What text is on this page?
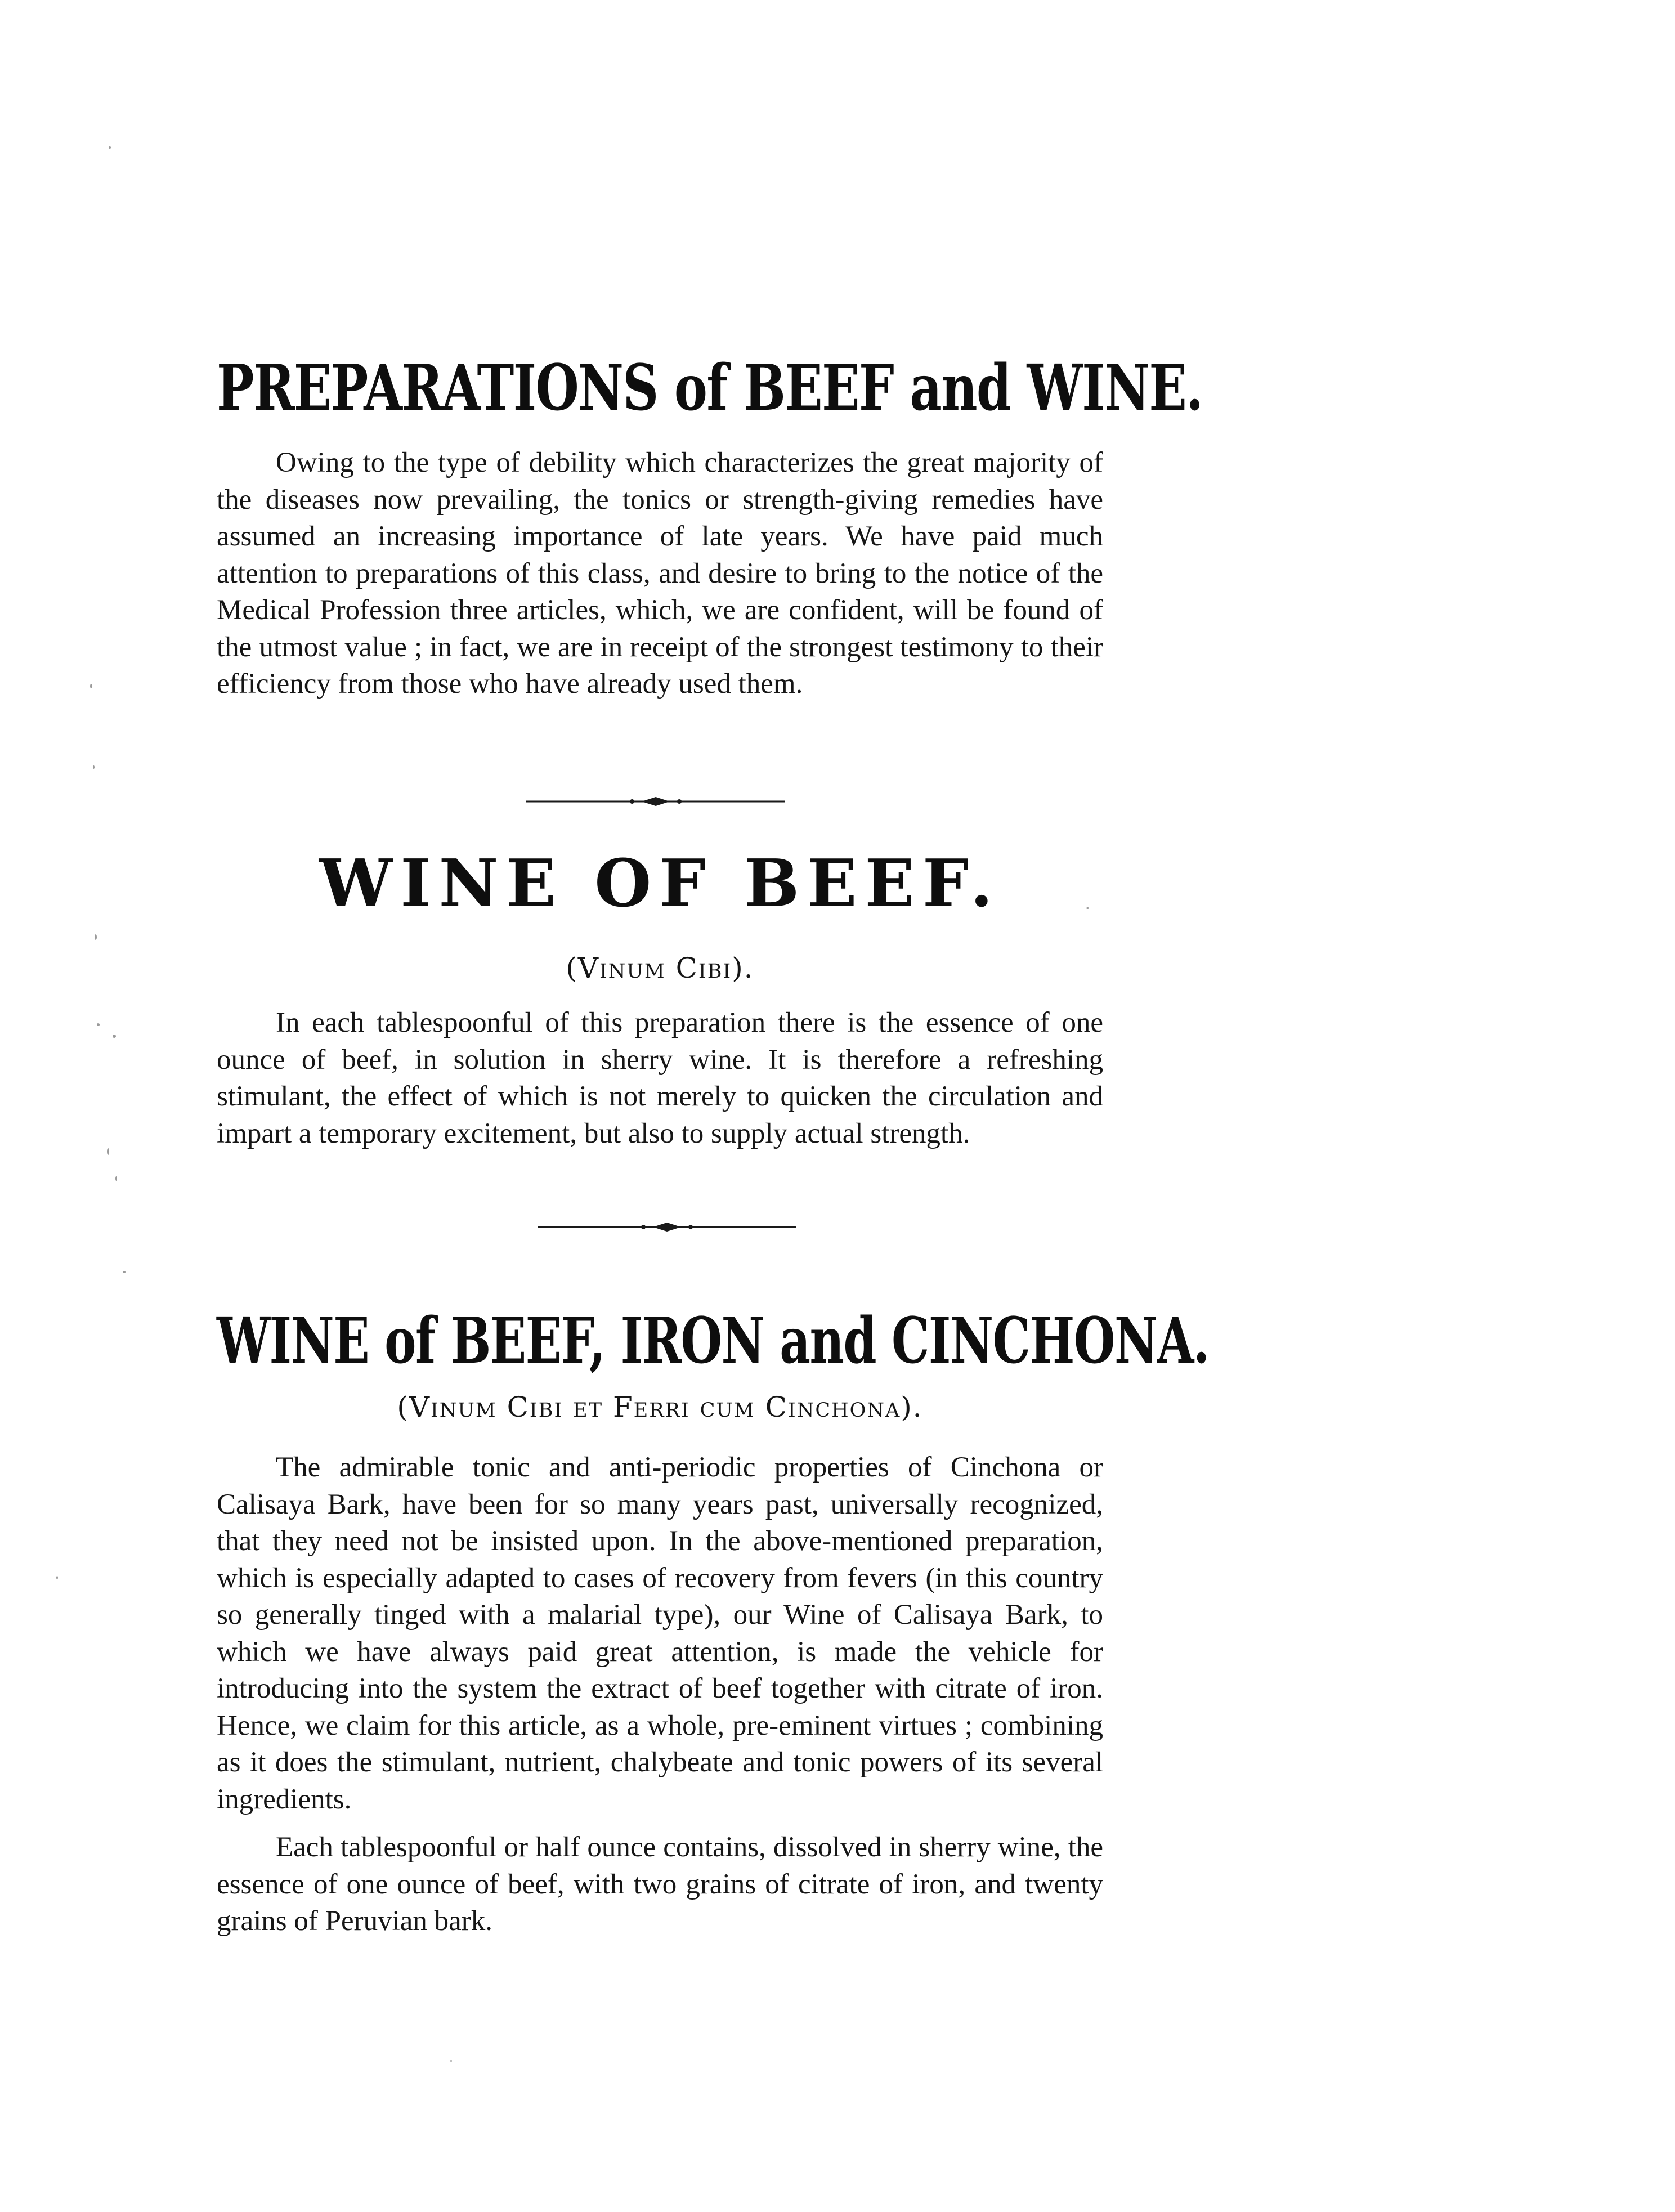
PREPARATIONS of BEEF and WINE.

Owing to the type of debility which characterizes the great majority of the diseases now prevailing, the tonics or strength-giving remedies have assumed an increasing importance of late years. We have paid much attention to preparations of this class, and desire to bring to the notice of the Medical Profession three articles, which, we are confident, will be found of the utmost value ; in fact, we are in receipt of the strongest testimony to their efficiency from those who have already used them.

WINE OF BEEF.

(Vinum Cibi).

In each tablespoonful of this preparation there is the essence of one ounce of beef, in solution in sherry wine. It is therefore a refreshing stimulant, the effect of which is not merely to quicken the circulation and impart a temporary excitement, but also to supply actual strength.

WINE of BEEF, IRON and CINCHONA.

(Vinum Cibi et Ferri cum Cinchona).

The admirable tonic and anti-periodic properties of Cinchona or Calisaya Bark, have been for so many years past, universally recognized, that they need not be insisted upon. In the above-mentioned preparation, which is especially adapted to cases of recovery from fevers (in this country so generally tinged with a malarial type), our Wine of Calisaya Bark, to which we have always paid great attention, is made the vehicle for introducing into the system the extract of beef together with citrate of iron. Hence, we claim for this article, as a whole, pre-eminent virtues ; combining as it does the stimulant, nutrient, chalybeate and tonic powers of its several ingredients.

Each tablespoonful or half ounce contains, dissolved in sherry wine, the essence of one ounce of beef, with two grains of citrate of iron, and twenty grains of Peruvian bark.
